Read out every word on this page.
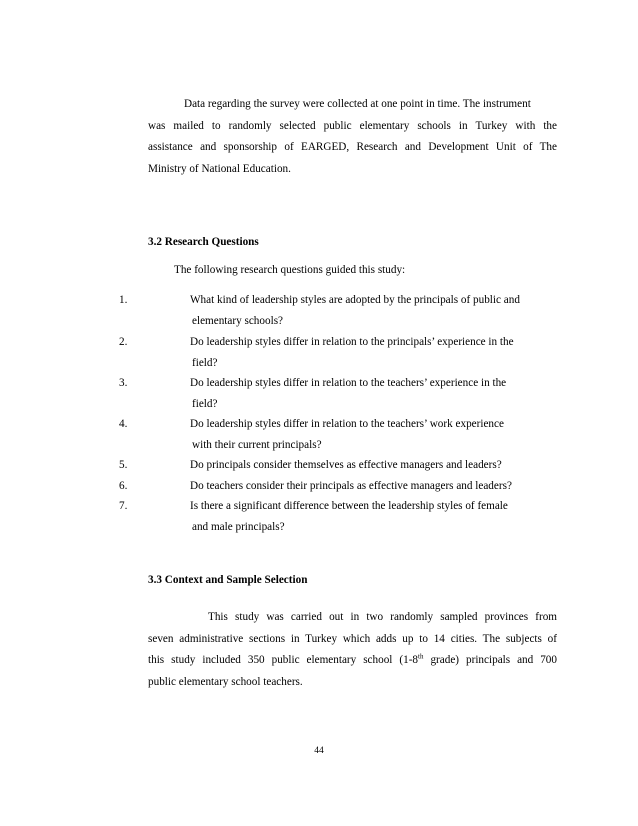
Data regarding the survey were collected at one point in time. The instrument
was mailed to randomly selected public elementary schools in Turkey with the
assistance and sponsorship of EARGED, Research and Development Unit of The
Ministry of National Education.
3.2 Research Questions
The following research questions guided this study:
1.	What kind of leadership styles are adopted by the principals of public and
elementary schools?
2.	Do leadership styles differ in relation to the principals’ experience in the
field?
3.	Do leadership styles differ in relation to the teachers’ experience in the
field?
4.	Do leadership styles differ in relation to the teachers’ work experience
with their current principals?
5.	Do principals consider themselves as effective managers and leaders?
6.	Do teachers consider their principals as effective managers and leaders?
7.	Is there a significant difference between the leadership styles of female
and male principals?
3.3 Context and Sample Selection
This study was carried out in two randomly sampled provinces from
seven administrative sections in Turkey which adds up to 14 cities. The subjects of
this study included 350 public elementary school (1-8th grade) principals and 700
public elementary school teachers.
44
